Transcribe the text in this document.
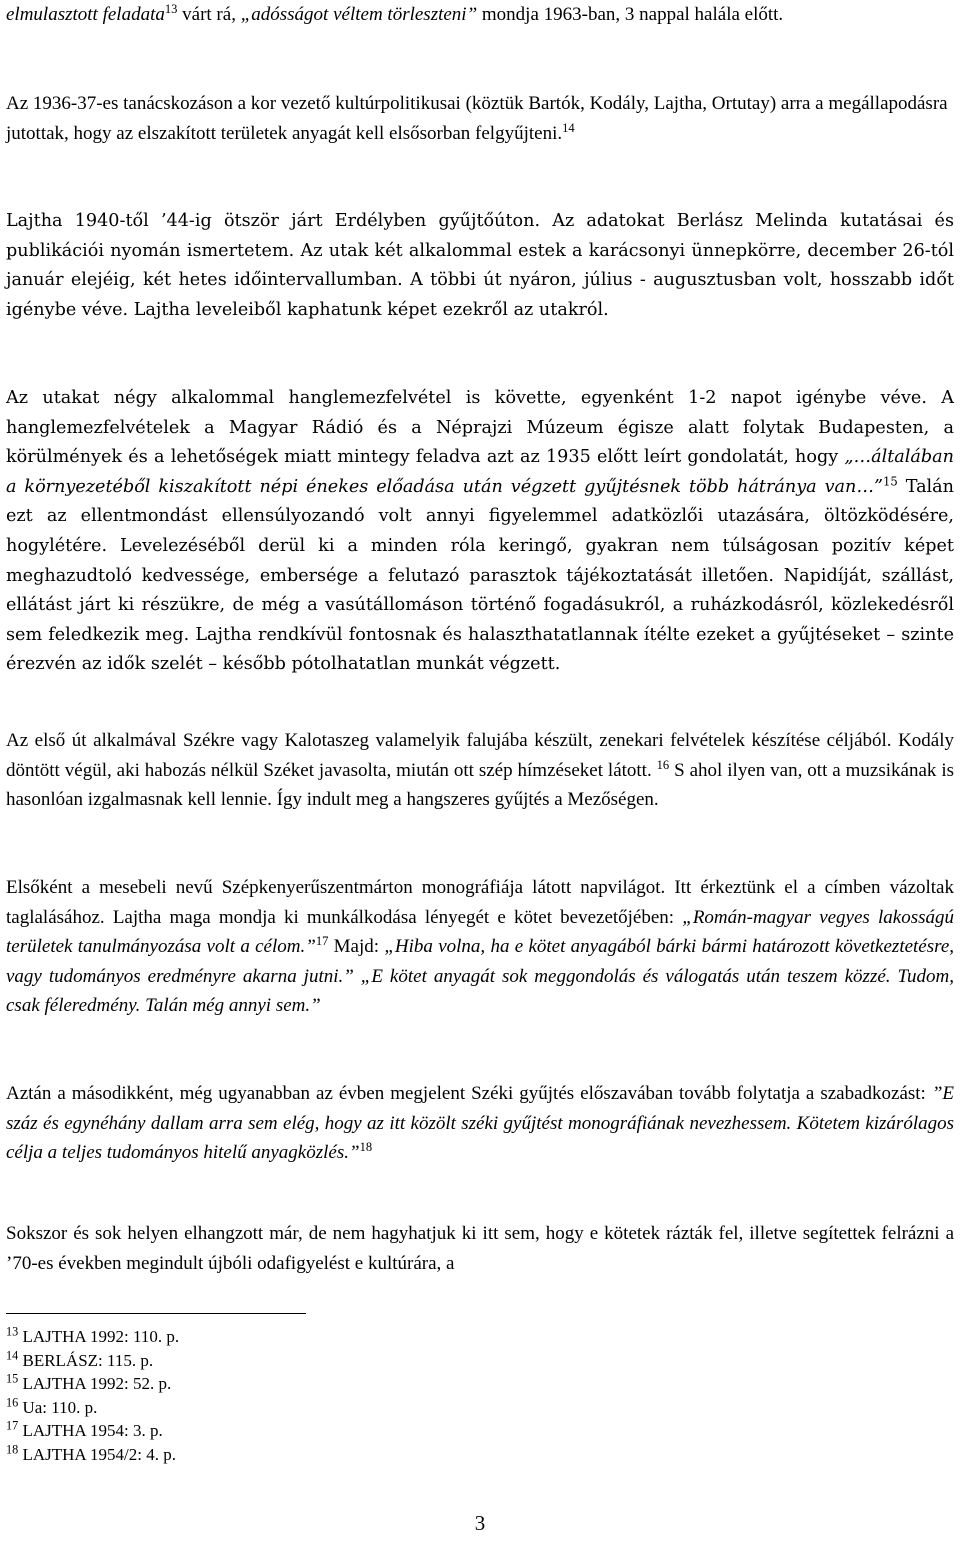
elmulasztott feladata$^{13}$ várt rá, „adósságot véltem törleszteni” mondja 1963-ban, 3 nappal halála előtt.

Az 1936-37-es tanácskozáson a kor vezető kultúrpolitikusai (köztük Bartók, Kodály, Lajtha, Ortutay) arra a megállapodásra jutottak, hogy az elszakított területek anyagát kell elsősorban felgyűjteni.$^{14}$

Lajtha 1940-től ’44-ig ötször járt Erdélyben gyűjtőúton. Az adatokat Berlász Melinda kutatásai és publikációi nyomán ismertetem. Az utak két alkalommal estek a karácsonyi ünnepkörre, december 26-tól január elejéig, két hetes időintervallumban. A többi út nyáron, július - augusztusban volt, hosszabb időt igénybe véve. Lajtha leveleiből kaphatunk képet ezekről az utakról.

Az utakat négy alkalommal hanglemezfelvétel is követte, egyenként 1-2 napot igénybe véve. A hanglemezfelvételek a Magyar Rádió és a Néprajzi Múzeum égisze alatt folytak Budapesten, a körülmények és a lehetőségek miatt mintegy feladva azt az 1935 előtt leírt gondolatát, hogy „…általában a környezetéből kiszakított népi énekes előadása után végzett gyűjtésnek több hátránya van…”$^{15}$ Talán ezt az ellentmondást ellensúlyozandó volt annyi figyelemmel adatközlői utazására, öltözködésére, hogylétére. Levelezéséből derül ki a minden róla keringő, gyakran nem túlságosan pozitív képet meghazudtoló kedvessége, embersége a felutazó parasztok tájékoztatását illetően. Napidíját, szállást, ellátást járt ki részükre, de még a vasútállomáson történő fogadásukról, a ruházkodásról, közlekedésről sem feledkezik meg. Lajtha rendkívül fontosnak és halaszthatatlannak ítélte ezeket a gyűjtéseket – szinte érezvén az idők szelét – később pótolhatatlan munkát végzett.

Az első út alkalmával Székre vagy Kalotaszeg valamelyik falujába készült, zenekari felvételek készítése céljából. Kodály döntött végül, aki habozás nélkül Széket javasolta, miután ott szép hímzéseket látott. $^{16}$ S ahol ilyen van, ott a muzsikának is hasonlóan izgalmasnak kell lennie. Így indult meg a hangszeres gyűjtés a Mezőségen.

Elsőként a mesebeli nevű Szépkenyerűszentmárton monográfiája látott napvilágot. Itt érkeztünk el a címben vázoltak taglalásához. Lajtha maga mondja ki munkálkodása lényegét e kötet bevezetőjében: „Román-magyar vegyes lakosságú területek tanulmányozása volt a célom.”$^{17}$ Majd: „Hiba volna, ha e kötet anyagából bárki bármi határozott következtetésre, vagy tudományos eredményre akarna jutni.” „E kötet anyagát sok meggondolás és válogatás után teszem közzé. Tudom, csak féleredmény. Talán még annyi sem.”

Aztán a másodikként, még ugyanabban az évben megjelent Széki gyűjtés előszavában tovább folytatja a szabadkozást: ”E száz és egynéhány dallam arra sem elég, hogy az itt közölt széki gyűjtést monográfiának nevezhessem. Kötetem kizárólagos célja a teljes tudományos hitelű anyagközlés.”$^{18}$

Sokszor és sok helyen elhangzott már, de nem hagyhatjuk ki itt sem, hogy e kötetek rázták fel, illetve segítettek felrázni a ’70-es években megindult újbóli odafigyelést e kultúrára, a

$^{13}$ LAJTHA 1992: 110. p.
$^{14}$ BERLÁSZ: 115. p.
$^{15}$ LAJTHA 1992: 52. p.
$^{16}$ Ua: 110. p.
$^{17}$ LAJTHA 1954: 3. p.
$^{18}$ LAJTHA 1954/2: 4. p.
3
